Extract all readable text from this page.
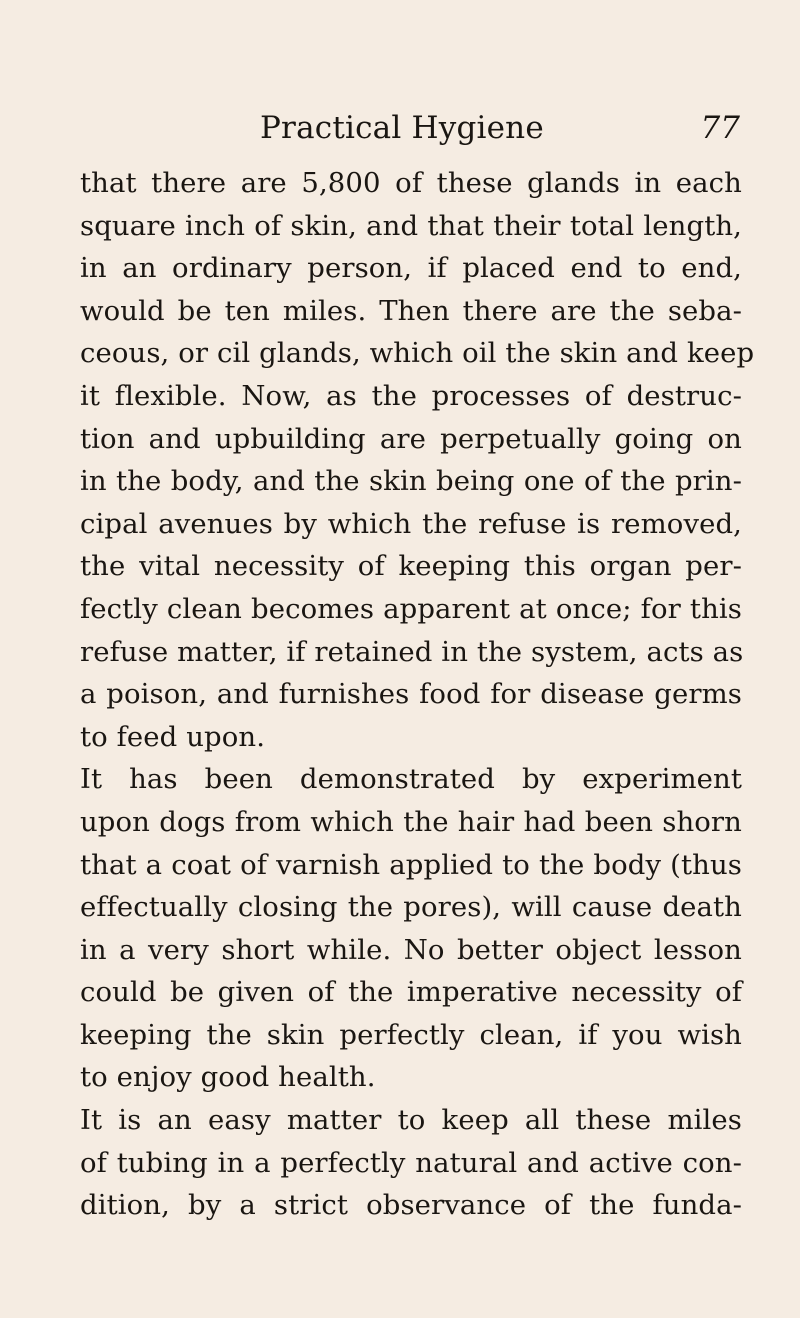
Practical Hygiene	77
that there are 5,800 of these glands in each
square inch of skin, and that their total length,
in an ordinary person, if placed end to end,
would be ten miles. Then there are the seba-
ceous, or cil glands, which oil the skin and keep
it flexible. Now, as the processes of destruc-
tion and upbuilding are perpetually going on
in the body, and the skin being one of the prin-
cipal avenues by which the refuse is removed,
the vital necessity of keeping this organ per-
fectly clean becomes apparent at once; for this
refuse matter, if retained in the system, acts as
a poison, and furnishes food for disease germs
to feed upon.
It has been demonstrated by experiment
upon dogs from which the hair had been shorn
that a coat of varnish applied to the body (thus
effectually closing the pores), will cause death
in a very short while. No better object lesson
could be given of the imperative necessity of
keeping the skin perfectly clean, if you wish
to enjoy good health.
It is an easy matter to keep all these miles
of tubing in a perfectly natural and active con-
dition, by a strict observance of the funda-
